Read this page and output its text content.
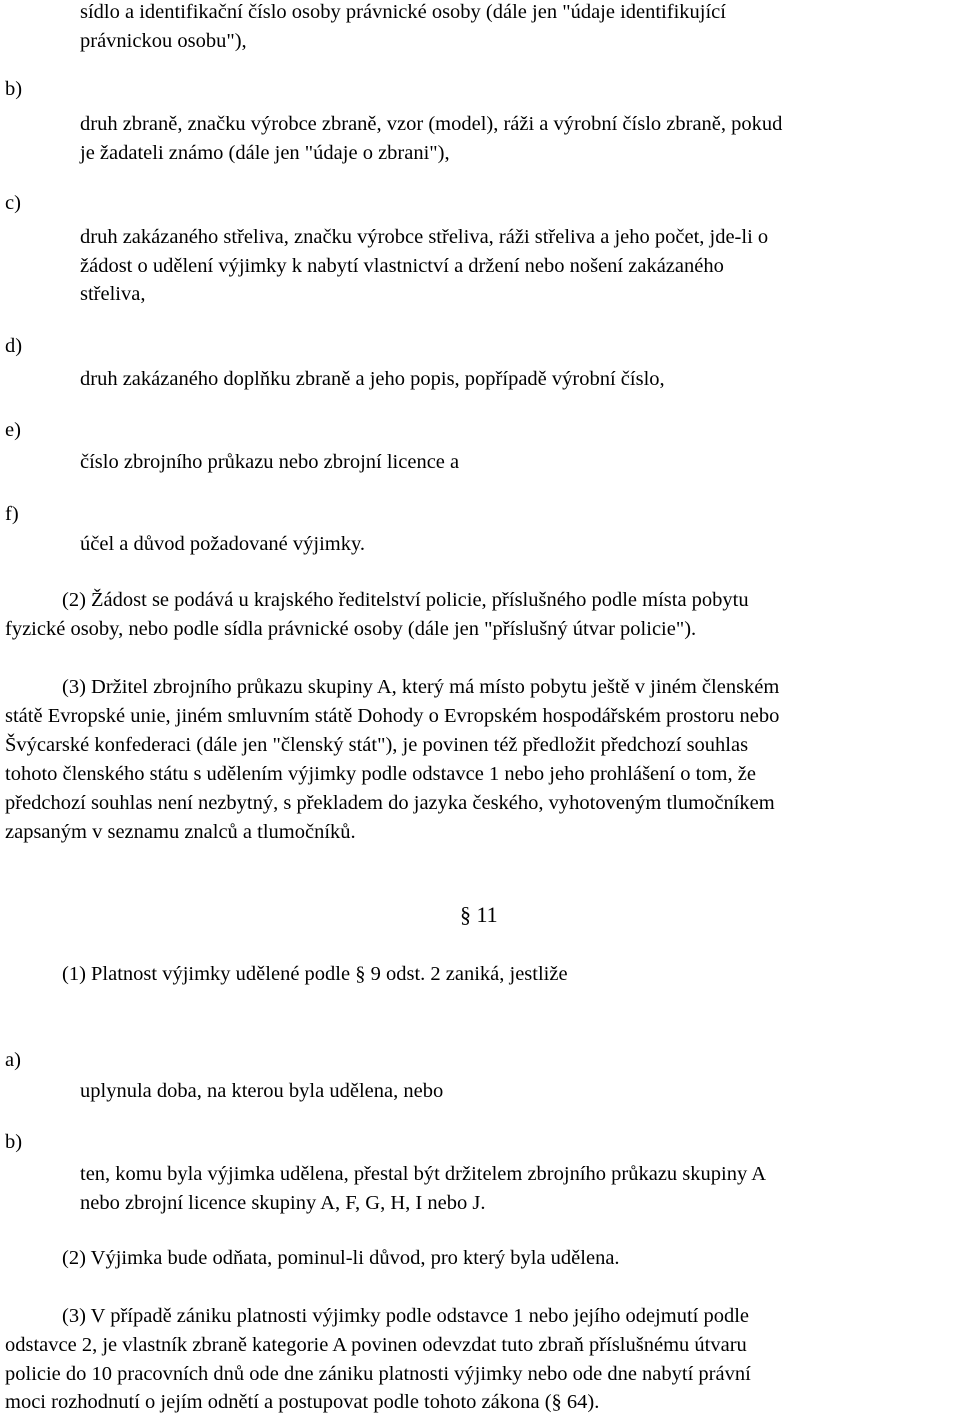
sídlo a identifikační číslo osoby právnické osoby (dále jen "údaje identifikující
právnickou osobu"),
b)
druh zbraně, značku výrobce zbraně, vzor (model), ráži a výrobní číslo zbraně, pokud
je žadateli známo (dále jen "údaje o zbrani"),
c)
druh zakázaného střeliva, značku výrobce střeliva, ráži střeliva a jeho počet, jde-li o
žádost o udělení výjimky k nabytí vlastnictví a držení nebo nošení zakázaného
střeliva,
d)
druh zakázaného doplňku zbraně a jeho popis, popřípadě výrobní číslo,
e)
číslo zbrojního průkazu nebo zbrojní licence a
f)
účel a důvod požadované výjimky.
(2) Žádost se podává u krajského ředitelství policie, příslušného podle místa pobytu
fyzické osoby, nebo podle sídla právnické osoby (dále jen "příslušný útvar policie").
(3) Držitel zbrojního průkazu skupiny A, který má místo pobytu ještě v jiném členském
státě Evropské unie, jiném smluvním státě Dohody o Evropském hospodářském prostoru nebo
Švýcarské konfederaci (dále jen "členský stát"), je povinen též předložit předchozí souhlas
tohoto členského státu s udělením výjimky podle odstavce 1 nebo jeho prohlášení o tom, že
předchozí souhlas není nezbytný, s překladem do jazyka českého, vyhotoveným tlumočníkem
zapsaným v seznamu znalců a tlumočníků.
§ 11
(1) Platnost výjimky udělené podle § 9 odst. 2 zaniká, jestliže
a)
uplynula doba, na kterou byla udělena, nebo
b)
ten, komu byla výjimka udělena, přestal být držitelem zbrojního průkazu skupiny A
nebo zbrojní licence skupiny A, F, G, H, I nebo J.
(2) Výjimka bude odňata, pominul-li důvod, pro který byla udělena.
(3) V případě zániku platnosti výjimky podle odstavce 1 nebo jejího odejmutí podle
odstavce 2, je vlastník zbraně kategorie A povinen odevzdat tuto zbraň příslušnému útvaru
policie do 10 pracovních dnů ode dne zániku platnosti výjimky nebo ode dne nabytí právní
moci rozhodnutí o jejím odnětí a postupovat podle tohoto zákona (§ 64).
